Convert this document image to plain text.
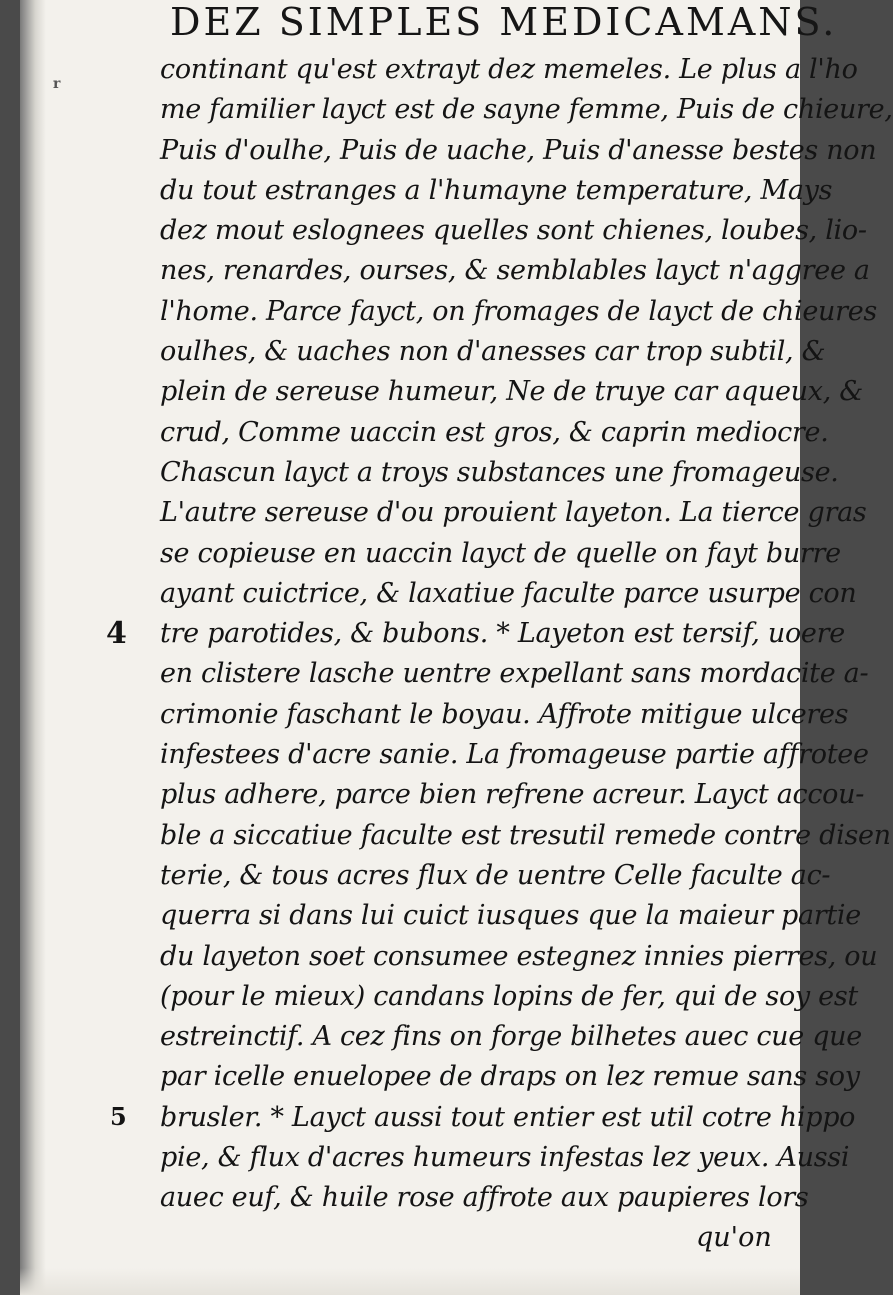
DEZ SIMPLES MEDICAMANS.
r
4
5
continant qu'est extrayt dez memeles. Le plus a l'ho
me familier layct est de sayne femme, Puis de chieure,
Puis d'oulhe, Puis de uache, Puis d'anesse bestes non
du tout estranges a l'humayne temperature, Mays
dez mout eslognees quelles sont chienes, loubes, lio-
nes, renardes, ourses, & semblables layct n'aggree a
l'home. Parce fayct, on fromages de layct de chieures
oulhes, & uaches non d'anesses car trop subtil, &
plein de sereuse humeur, Ne de truye car aqueux, &
crud, Comme uaccin est gros, & caprin mediocre.
Chascun layct a troys substances une fromageuse.
L'autre sereuse d'ou prouient layeton. La tierce gras
se copieuse en uaccin layct de quelle on fayt burre
ayant cuictrice, & laxatiue faculte parce usurpe con
tre parotides, & bubons. * Layeton est tersif, uoere
en clistere lasche uentre expellant sans mordacite a-
crimonie faschant le boyau. Affrote mitigue ulceres
infestees d'acre sanie. La fromageuse partie affrotee
plus adhere, parce bien refrene acreur. Layct accou-
ble a siccatiue faculte est tresutil remede contre disen
terie, & tous acres flux de uentre Celle faculte ac-
querra si dans lui cuict iusques que la maieur partie
du layeton soet consumee estegnez innies pierres, ou
(pour le mieux) candans lopins de fer, qui de soy est
estreinctif. A cez fins on forge bilhetes auec cue que
par icelle enuelopee de draps on lez remue sans soy
brusler. * Layct aussi tout entier est util cotre hippo
pie, & flux d'acres humeurs infestas lez yeux. Aussi
auec euf, & huile rose affrote aux paupieres lors
qu'on
